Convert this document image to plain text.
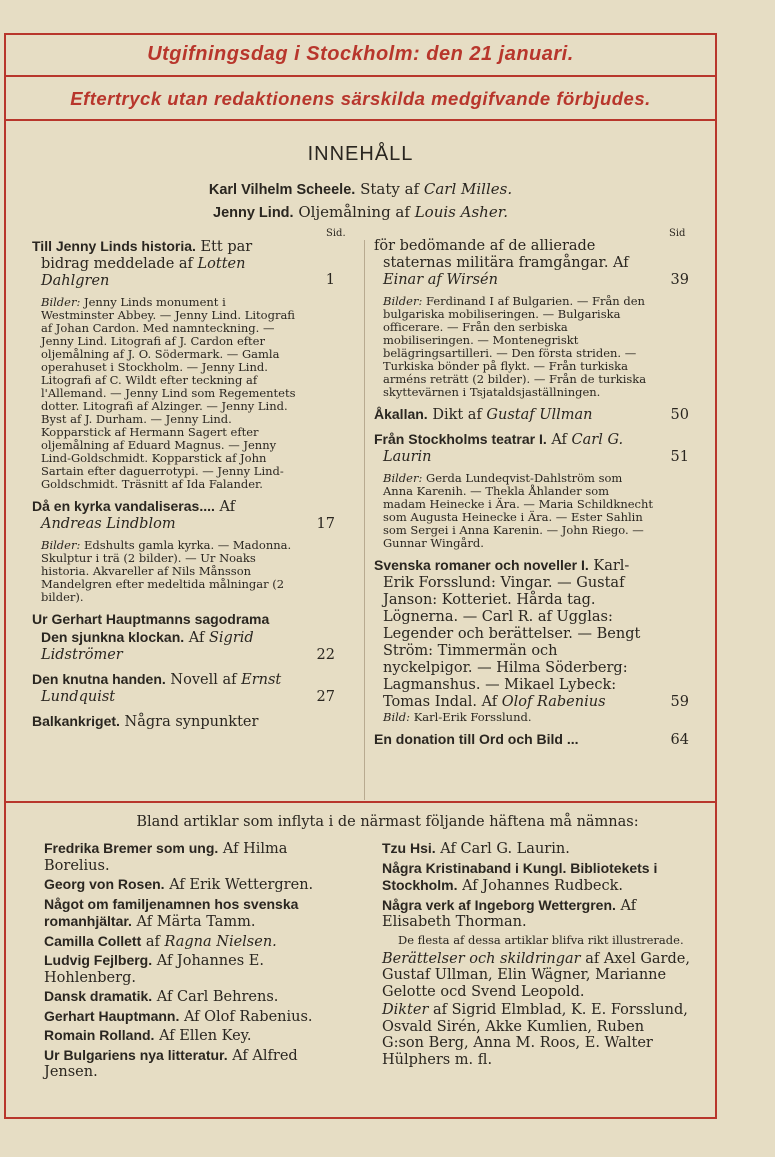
Utgifningsdag i Stockholm: den 21 januari.
Eftertryck utan redaktionens särskilda medgifvande förbjudes.
INNEHÅLL
Karl Vilhelm Scheele. Staty af Carl Milles.
Jenny Lind. Oljemålning af Louis Asher.
Sid.	Sid
Till Jenny Linds historia. Ett par bidrag meddelade af Lotten Dahlgren	1
Bilder: Jenny Linds monument i Westminster Abbey. — Jenny Lind. Litografi af Johan Cardon. Med namnteckning. — Jenny Lind. Litografi af J. Cardon efter oljemålning af J. O. Södermark. — Gamla operahuset i Stockholm. — Jenny Lind. Litografi af C. Wildt efter teckning af l'Allemand. — Jenny Lind som Regementets dotter. Litografi af Alzinger. — Jenny Lind. Byst af J. Durham. — Jenny Lind. Kopparstick af Hermann Sagert efter oljemålning af Eduard Magnus. — Jenny Lind-Goldschmidt. Kopparstick af John Sartain efter daguerrotypi. — Jenny Lind-Goldschmidt. Träsnitt af Ida Falander.
Då en kyrka vandaliseras.... Af Andreas Lindblom	17
Bilder: Edshults gamla kyrka. — Madonna. Skulptur i trä (2 bilder). — Ur Noaks historia. Akvareller af Nils Månsson Mandelgren efter medeltida målningar (2 bilder).
Ur Gerhart Hauptmanns sagodrama Den sjunkna klockan. Af Sigrid Lidströmer	22
Den knutna handen. Novell af Ernst Lundquist	27
Balkankriget. Några synpunkter
för bedömande af de allierade staternas militära framgångar. Af Einar af Wirsén	39
Bilder: Ferdinand I af Bulgarien. — Från den bulgariska mobiliseringen. — Bulgariska officerare. — Från den serbiska mobiliseringen. — Montenegriskt belägringsartilleri. — Den första striden. — Turkiska bönder på flykt. — Från turkiska arméns reträtt (2 bilder). — Från de turkiska skyttevärnen i Tsjataldsjaställningen.
Åkallan. Dikt af Gustaf Ullman	50
Från Stockholms teatrar I. Af Carl G. Laurin	51
Bilder: Gerda Lundeqvist-Dahlström som Anna Karenih. — Thekla Åhlander som madam Heinecke i Ära. — Maria Schildknecht som Augusta Heinecke i Ära. — Ester Sahlin som Sergei i Anna Karenin. — John Riego. — Gunnar Wingård.
Svenska romaner och noveller I. Karl-Erik Forsslund: Vingar. — Gustaf Janson: Kotteriet. Hårda tag. Lögnerna. — Carl R. af Ugglas: Legender och berättelser. — Bengt Ström: Timmermän och nyckelpigor. — Hilma Söderberg: Lagmanshus. — Mikael Lybeck: Tomas Indal. Af Olof Rabenius	59
Bild: Karl-Erik Forsslund.
En donation till Ord och Bild ...	64
Bland artiklar som inflyta i de närmast följande häftena må nämnas:
Fredrika Bremer som ung. Af Hilma Borelius.
Georg von Rosen. Af Erik Wettergren.
Något om familjenamnen hos svenska romanhjältar. Af Märta Tamm.
Camilla Collett af Ragna Nielsen.
Ludvig Fejlberg. Af Johannes E. Hohlenberg.
Dansk dramatik. Af Carl Behrens.
Gerhart Hauptmann. Af Olof Rabenius.
Romain Rolland. Af Ellen Key.
Ur Bulgariens nya litteratur. Af Alfred Jensen.
Tzu Hsi. Af Carl G. Laurin.
Några Kristinaband i Kungl. Bibliotekets i Stockholm. Af Johannes Rudbeck.
Några verk af Ingeborg Wettergren. Af Elisabeth Thorman.
De flesta af dessa artiklar blifva rikt illustrerade.
Berättelser och skildringar af Axel Garde, Gustaf Ullman, Elin Wägner, Marianne Gelotte ocd Svend Leopold.
Dikter af Sigrid Elmblad, K. E. Forsslund, Osvald Sirén, Akke Kumlien, Ruben G:son Berg, Anna M. Roos, E. Walter Hülphers m. fl.
